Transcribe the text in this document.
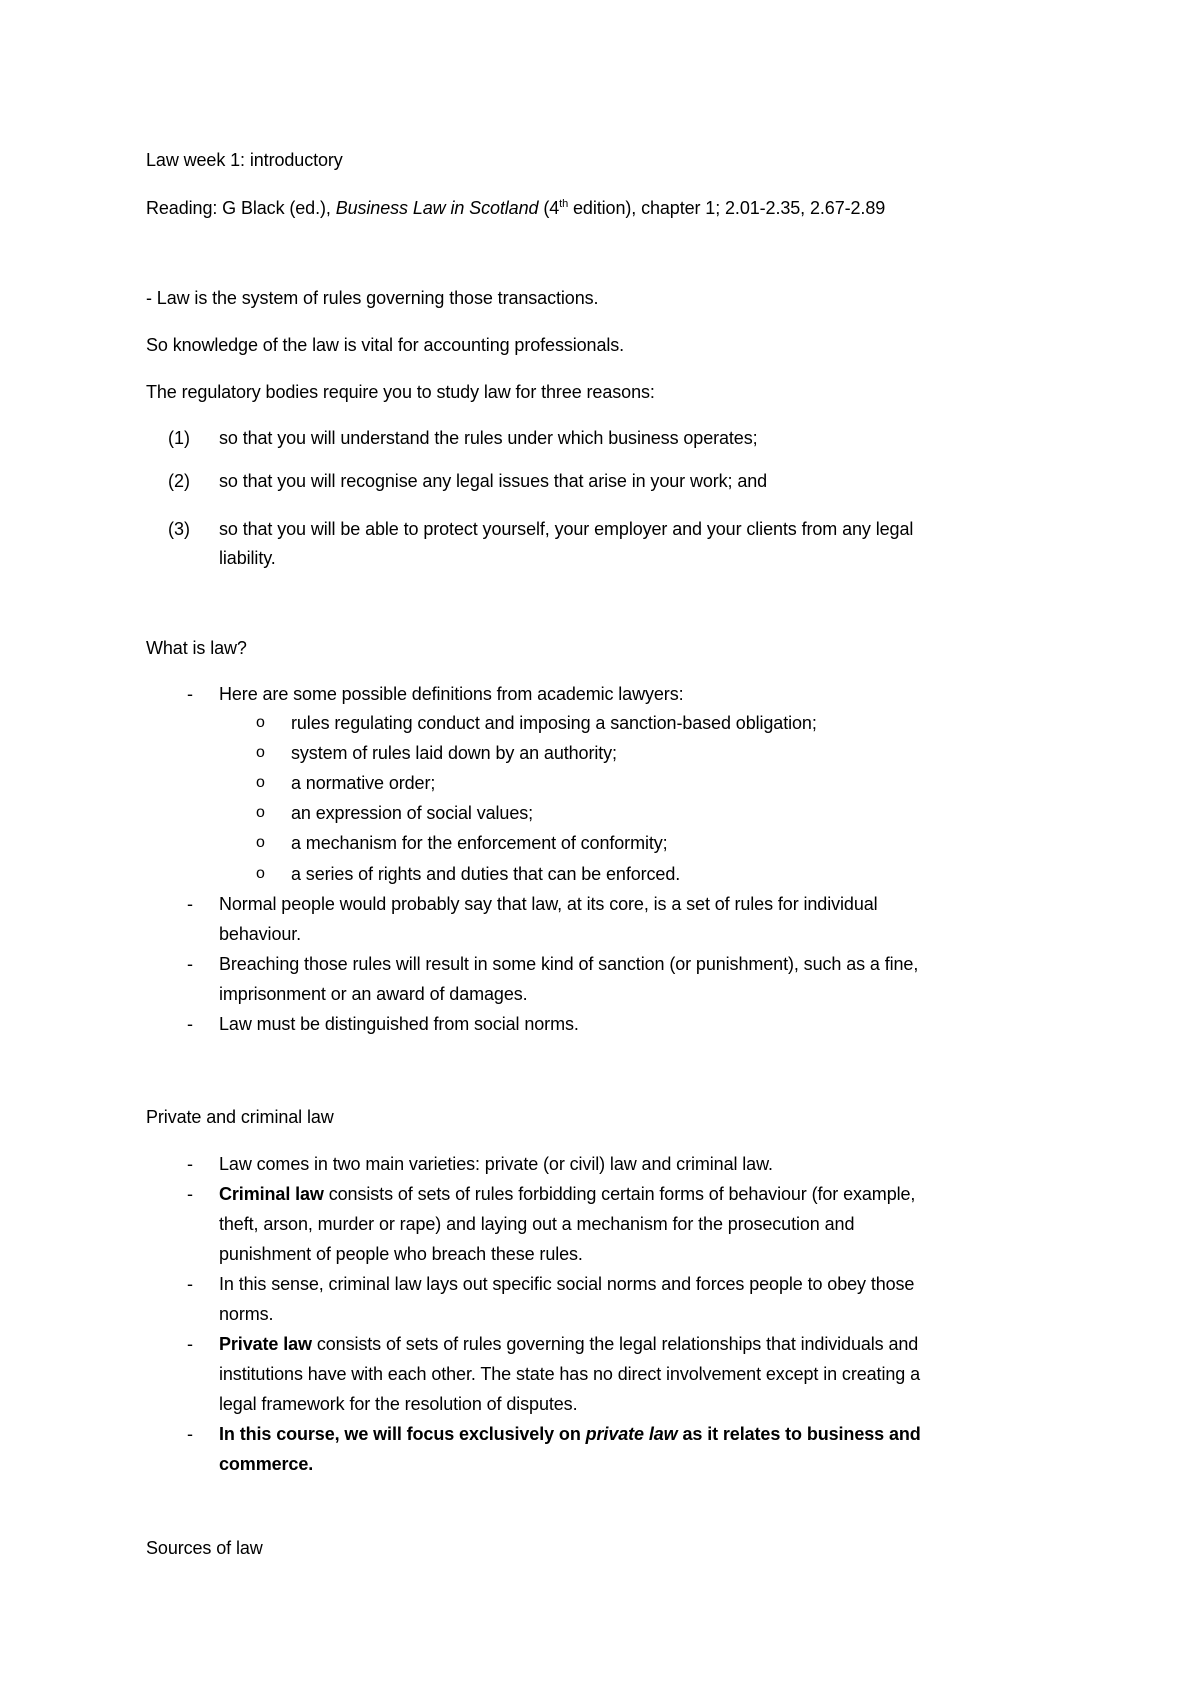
Law week 1: introductory
Reading: G Black (ed.), Business Law in Scotland (4th edition), chapter 1; 2.01-2.35, 2.67-2.89
- Law is the system of rules governing those transactions.
So knowledge of the law is vital for accounting professionals.
The regulatory bodies require you to study law for three reasons:
(1) so that you will understand the rules under which business operates;
(2) so that you will recognise any legal issues that arise in your work; and
(3) so that you will be able to protect yourself, your employer and your clients from any legal
liability.
What is law?
- Here are some possible definitions from academic lawyers:
o rules regulating conduct and imposing a sanction-based obligation;
o system of rules laid down by an authority;
o a normative order;
o an expression of social values;
o a mechanism for the enforcement of conformity;
o a series of rights and duties that can be enforced.
- Normal people would probably say that law, at its core, is a set of rules for individual
behaviour.
- Breaching those rules will result in some kind of sanction (or punishment), such as a fine,
imprisonment or an award of damages.
- Law must be distinguished from social norms.
Private and criminal law
- Law comes in two main varieties: private (or civil) law and criminal law.
- Criminal law consists of sets of rules forbidding certain forms of behaviour (for example,
theft, arson, murder or rape) and laying out a mechanism for the prosecution and
punishment of people who breach these rules.
- In this sense, criminal law lays out specific social norms and forces people to obey those
norms.
- Private law consists of sets of rules governing the legal relationships that individuals and
institutions have with each other. The state has no direct involvement except in creating a
legal framework for the resolution of disputes.
- In this course, we will focus exclusively on private law as it relates to business and
commerce.
Sources of law
